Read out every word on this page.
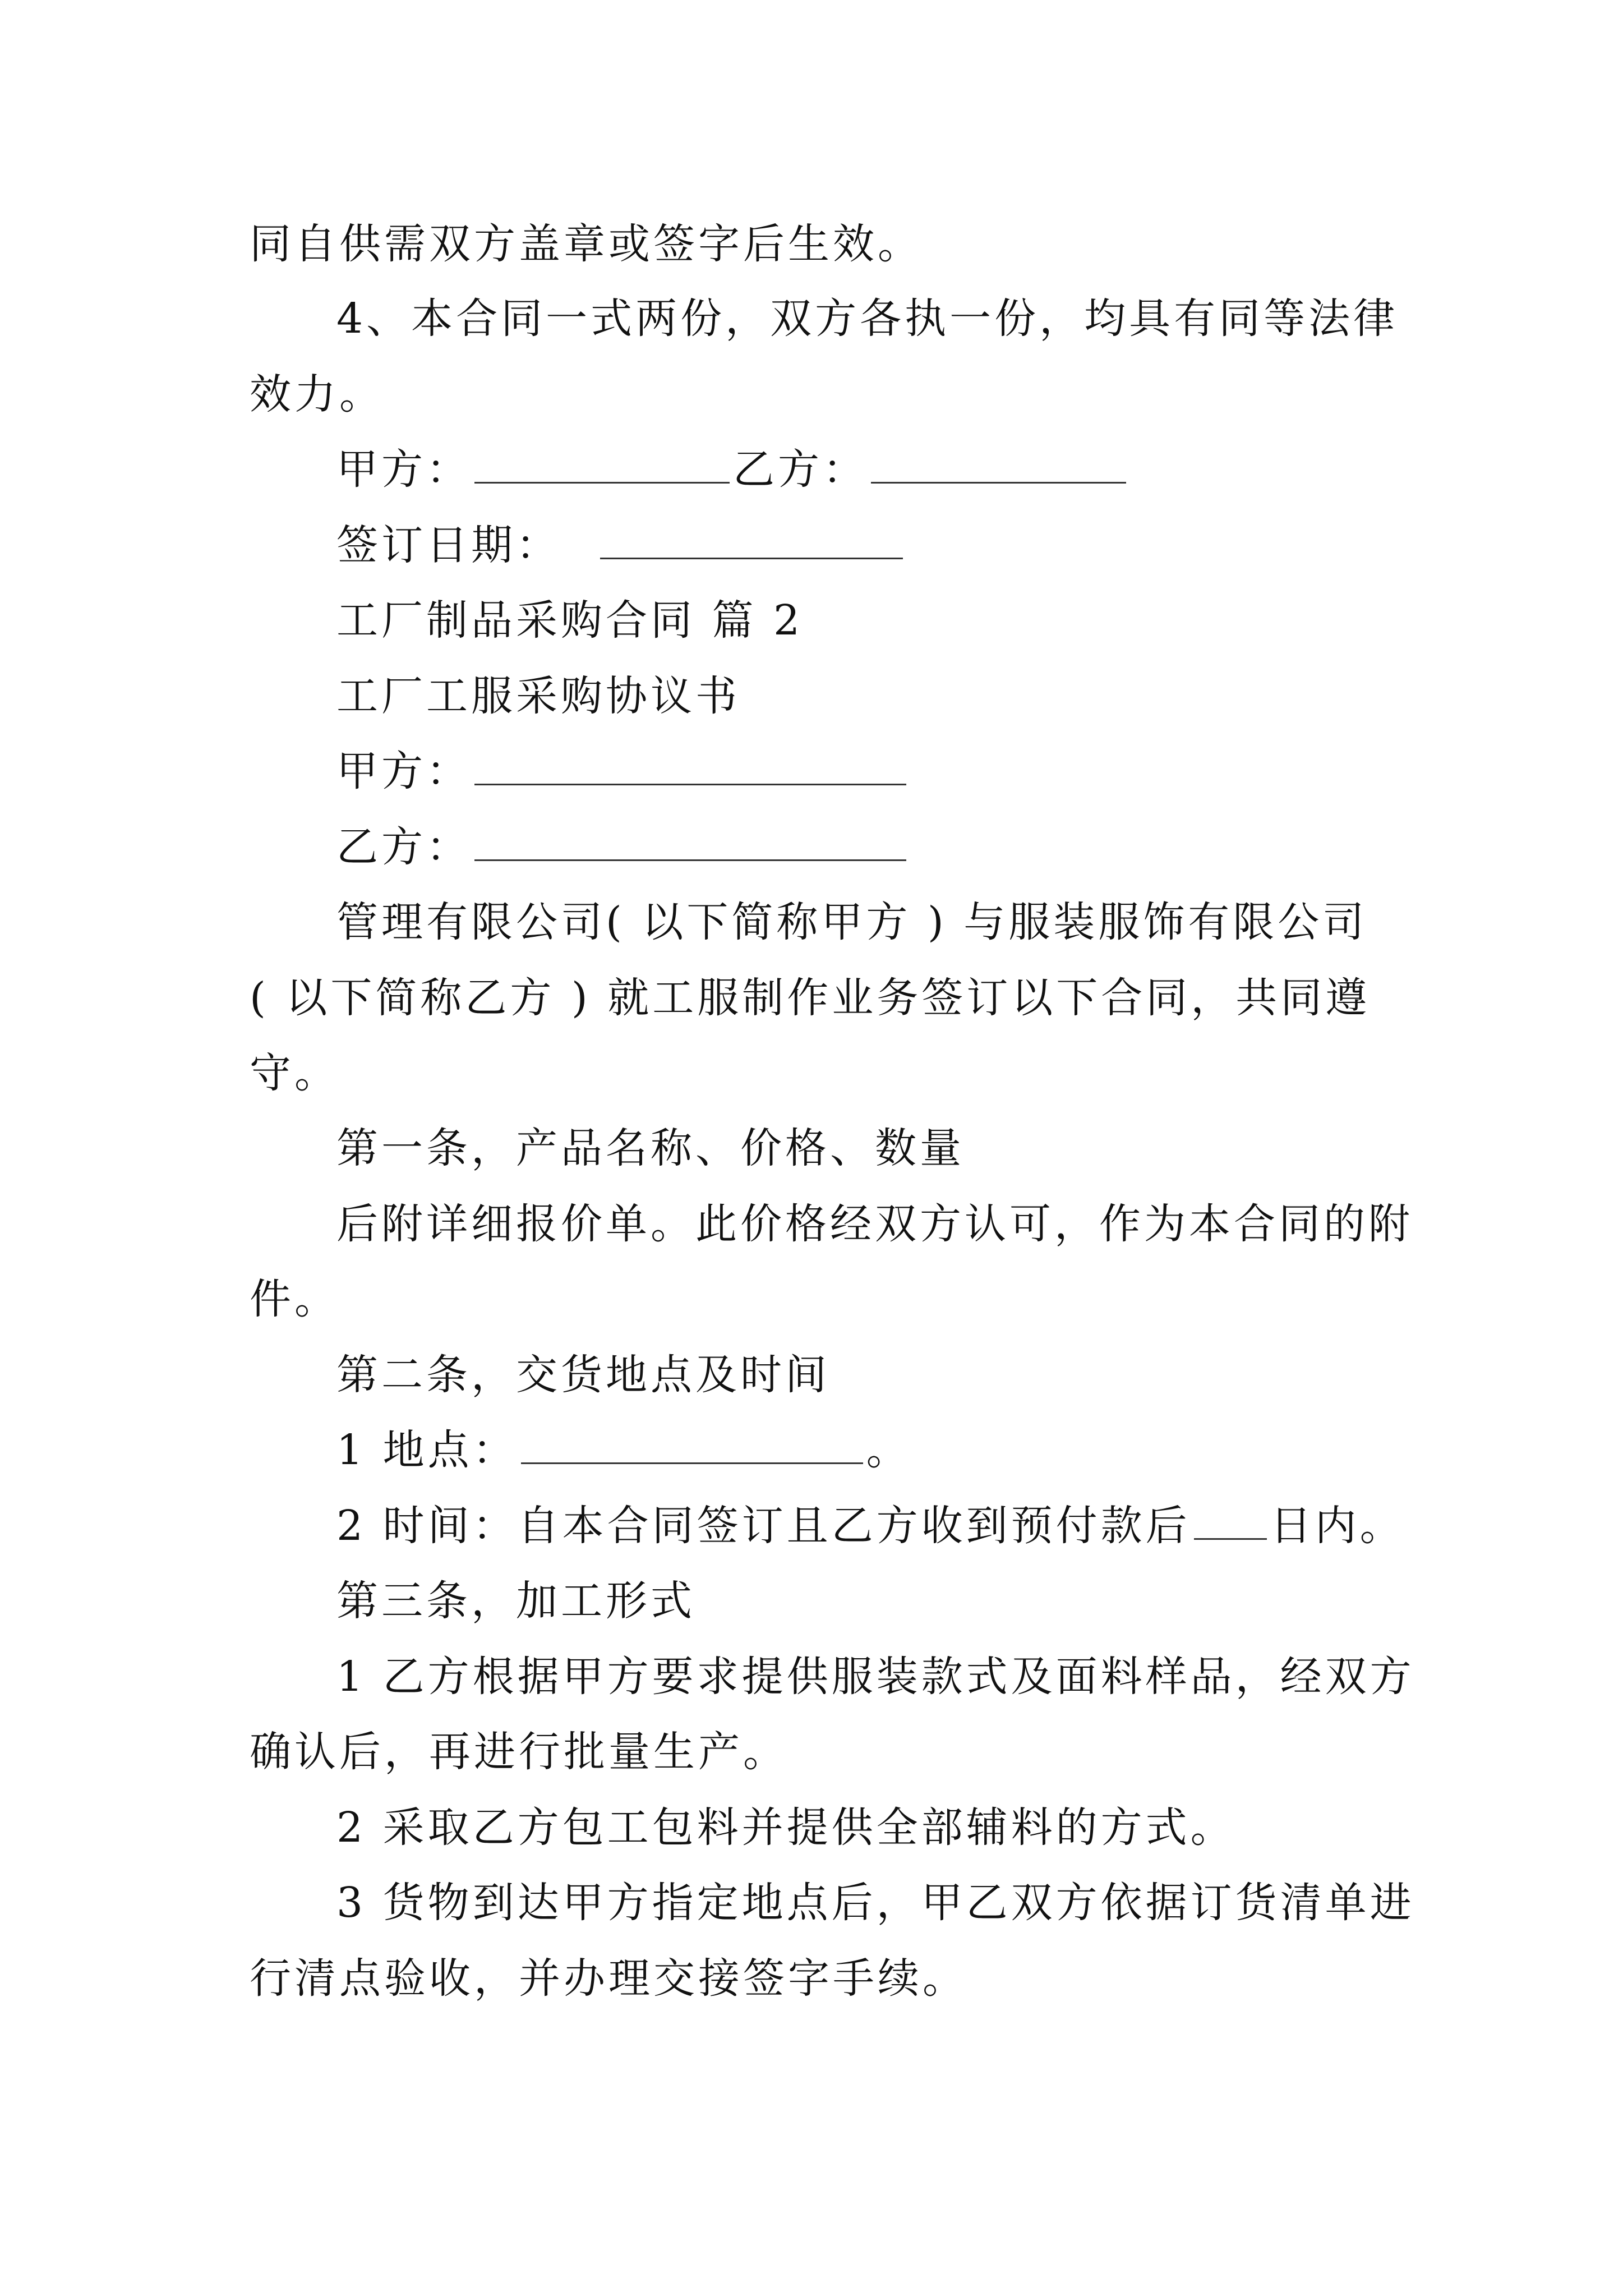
同自供需双方盖章或签字后生效。
4、本合同一式两份，双方各执一份，均具有同等法律
效力。
甲方：	乙方：
签订日期：
工厂制品采购合同 篇 2
工厂工服采购协议书
甲方：
乙方：
管理有限公司( 以下简称甲方 ) 与服装服饰有限公司
( 以下简称乙方 ) 就工服制作业务签订以下合同，共同遵
守。
第一条，产品名称、价格、数量
后附详细报价单。此价格经双方认可，作为本合同的附
件。
第二条，交货地点及时间
1 地点：	。
2 时间：自本合同签订且乙方收到预付款后 日内。
第三条，加工形式
1 乙方根据甲方要求提供服装款式及面料样品，经双方
确认后，再进行批量生产。
2 采取乙方包工包料并提供全部辅料的方式。
3 货物到达甲方指定地点后，甲乙双方依据订货清单进
行清点验收，并办理交接签字手续。
